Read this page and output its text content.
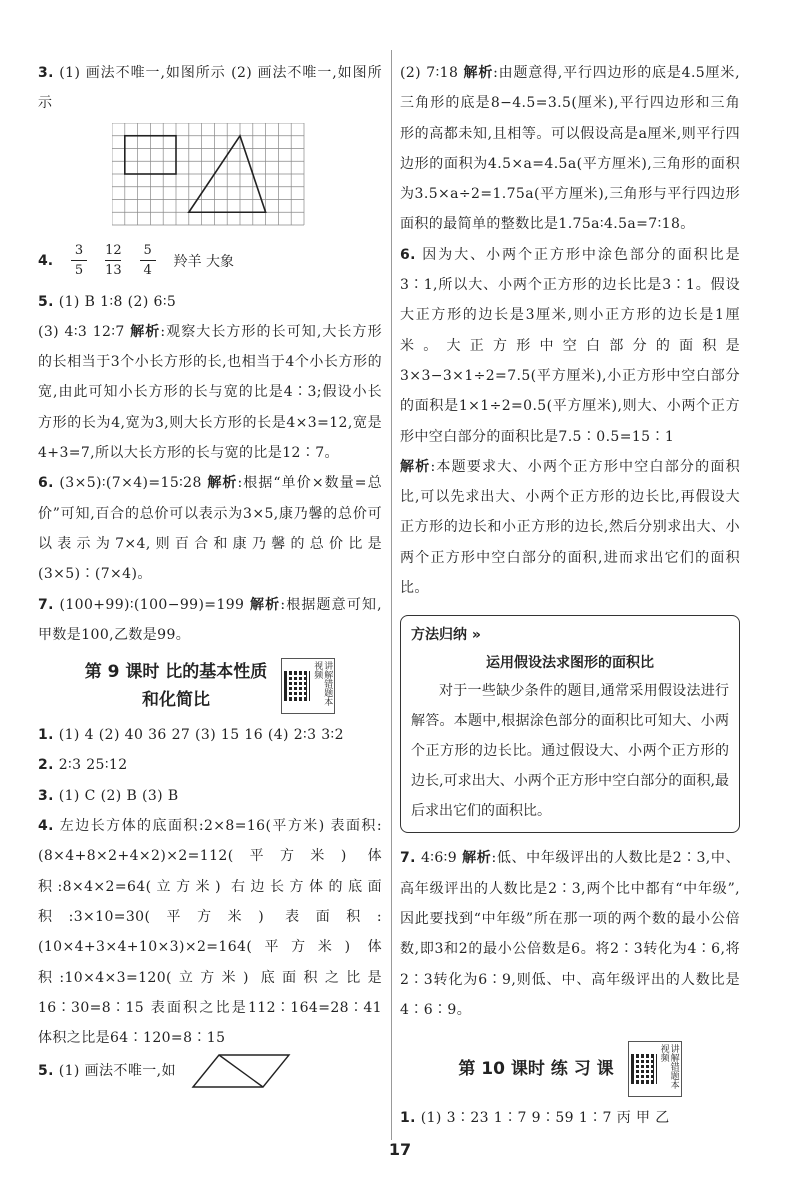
3. (1) 画法不唯一,如图所示 (2) 画法不唯一,如图所示

4. $\frac{3}{5} \frac{12}{13} \frac{5}{4}$ 羚羊 大象

5. (1) B 1∶8 (2) 6∶5

(3) 4∶3 12∶7 解析:观察大长方形的长可知,大长方形的长相当于3个小长方形的长,也相当于4个小长方形的宽,由此可知小长方形的长与宽的比是4∶3;假设小长方形的长为4,宽为3,则大长方形的长是4×3=12,宽是4+3=7,所以大长方形的长与宽的比是12∶7。

6. (3×5)∶(7×4)=15∶28 解析:根据“单价×数量=总价”可知,百合的总价可以表示为3×5,康乃馨的总价可以表示为7×4,则百合和康乃馨的总价比是(3×5)∶(7×4)。

7. (100+99)∶(100−99)=199 解析:根据题意可知,甲数是100,乙数是99。

第 9 课时 比的基本性质
和化简比	讲解错题本视频

1. (1) 4 (2) 40 36 27 (3) 15 16 (4) 2∶3 3∶2

2. 2∶3 25∶12

3. (1) C (2) B (3) B

4. 左边长方体的底面积:2×8=16(平方米) 表面积:(8×4+8×2+4×2)×2=112(平方米) 体积:8×4×2=64(立方米) 右边长方体的底面积:3×10=30(平方米) 表面积:(10×4+3×4+10×3)×2=164(平方米) 体积:10×4×3=120(立方米) 底面积之比是16∶30=8∶15 表面积之比是112∶164=28∶41 体积之比是64∶120=8∶15

5. (1) 画法不唯一,如

(2) 7∶18 解析:由题意得,平行四边形的底是4.5厘米,三角形的底是8−4.5=3.5(厘米),平行四边形和三角形的高都未知,且相等。可以假设高是a厘米,则平行四边形的面积为4.5×a=4.5a(平方厘米),三角形的面积为3.5×a÷2=1.75a(平方厘米),三角形与平行四边形面积的最简单的整数比是1.75a∶4.5a=7∶18。

6. 因为大、小两个正方形中涂色部分的面积比是3∶1,所以大、小两个正方形的边长比是3∶1。假设大正方形的边长是3厘米,则小正方形的边长是1厘米。大正方形中空白部分的面积是3×3−3×1÷2=7.5(平方厘米),小正方形中空白部分的面积是1×1÷2=0.5(平方厘米),则大、小两个正方形中空白部分的面积比是7.5∶0.5=15∶1

解析:本题要求大、小两个正方形中空白部分的面积比,可以先求出大、小两个正方形的边长比,再假设大正方形的边长和小正方形的边长,然后分别求出大、小两个正方形中空白部分的面积,进而求出它们的面积比。

方法归纳 »
运用假设法求图形的面积比
对于一些缺少条件的题目,通常采用假设法进行解答。本题中,根据涂色部分的面积比可知大、小两个正方形的边长比。通过假设大、小两个正方形的边长,可求出大、小两个正方形中空白部分的面积,最后求出它们的面积比。

7. 4∶6∶9 解析:低、中年级评出的人数比是2∶3,中、高年级评出的人数比是2∶3,两个比中都有“中年级”,因此要找到“中年级”所在那一项的两个数的最小公倍数,即3和2的最小公倍数是6。将2∶3转化为4∶6,将2∶3转化为6∶9,则低、中、高年级评出的人数比是4∶6∶9。

第 10 课时 练 习 课	讲解错题本视频

1. (1) 3∶23 1∶7 9∶59 1∶7 丙 甲 乙

17
